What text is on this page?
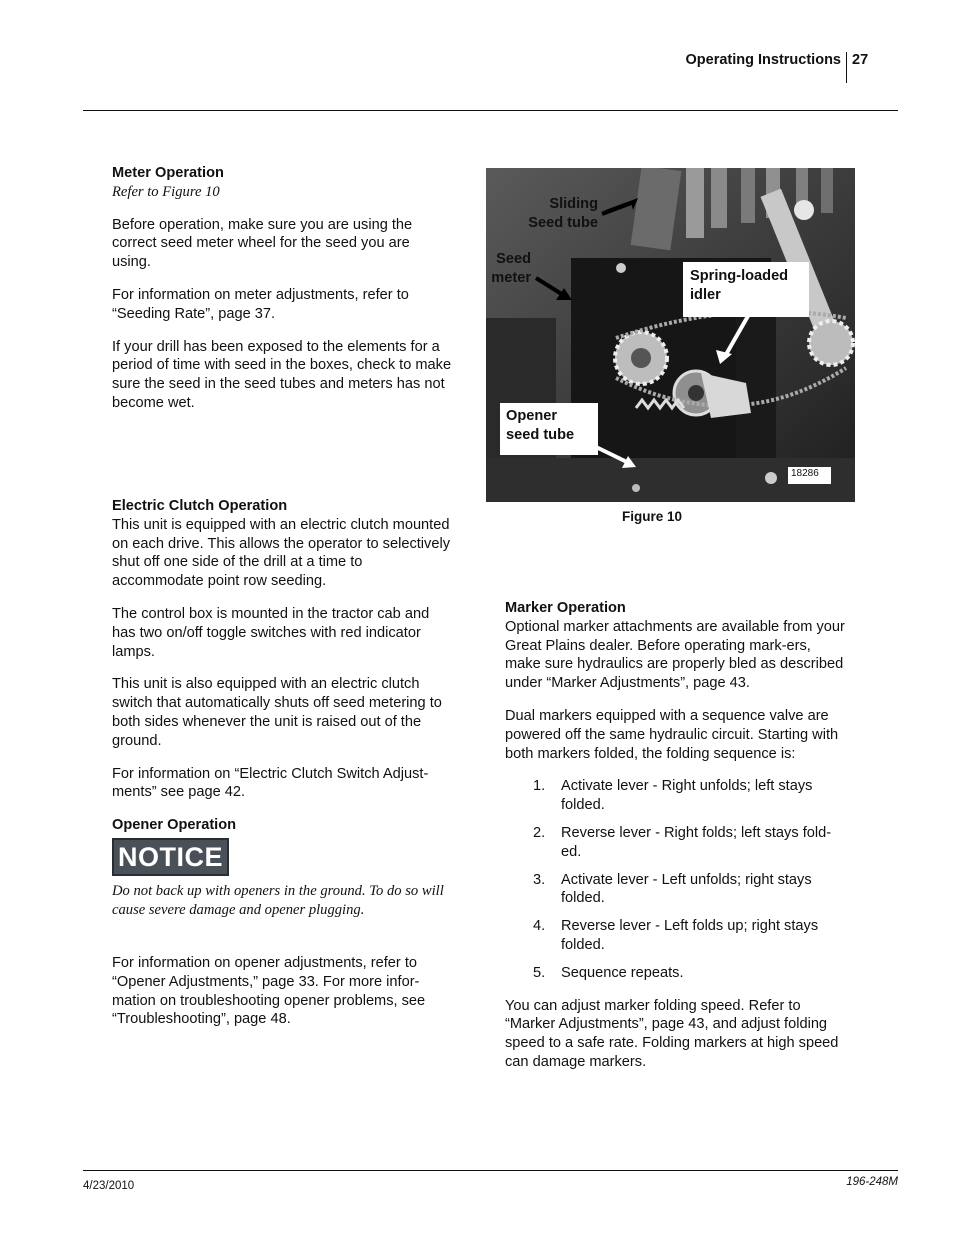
Operating Instructions 27
Meter Operation
Refer to Figure 10

Before operation, make sure you are using the correct seed meter wheel for the seed you are using.

For information on meter adjustments, refer to “Seeding Rate”, page 37.

If your drill has been exposed to the elements for a period of time with seed in the boxes, check to make sure the seed in the seed tubes and meters has not become wet.

Electric Clutch Operation

This unit is equipped with an electric clutch mounted on each drive. This allows the operator to selectively shut off one side of the drill at a time to accommodate point row seeding.

The control box is mounted in the tractor cab and has two on/off toggle switches with red indicator lamps.

This unit is also equipped with an electric clutch switch that automatically shuts off seed metering to both sides whenever the unit is raised out of the ground.

For information on “Electric Clutch Switch Adjust-ments” see page 42.

Opener Operation
NOTICE
Do not back up with openers in the ground. To do so will cause severe damage and opener plugging.

For information on opener adjustments, refer to “Opener Adjustments,” page 33. For more infor-mation on troubleshooting opener problems, see “Troubleshooting”, page 48.

Sliding
Seed tube
Seed
meter	Spring-loaded
idler
Opener
seed tube
18286
Figure 10
Marker Operation

Optional marker attachments are available from your Great Plains dealer. Before operating mark-ers, make sure hydraulics are properly bled as described under “Marker Adjustments”, page 43.

Dual markers equipped with a sequence valve are powered off the same hydraulic circuit. Starting with both markers folded, the folding sequence is:

1. Activate lever - Right unfolds; left stays folded.
2. Reverse lever - Right folds; left stays fold-ed.
3. Activate lever - Left unfolds; right stays folded.
4. Reverse lever - Left folds up; right stays folded.
5. Sequence repeats.

You can adjust marker folding speed. Refer to “Marker Adjustments”, page 43, and adjust folding speed to a safe rate. Folding markers at high speed can damage markers.

4/23/2010	196-248M
